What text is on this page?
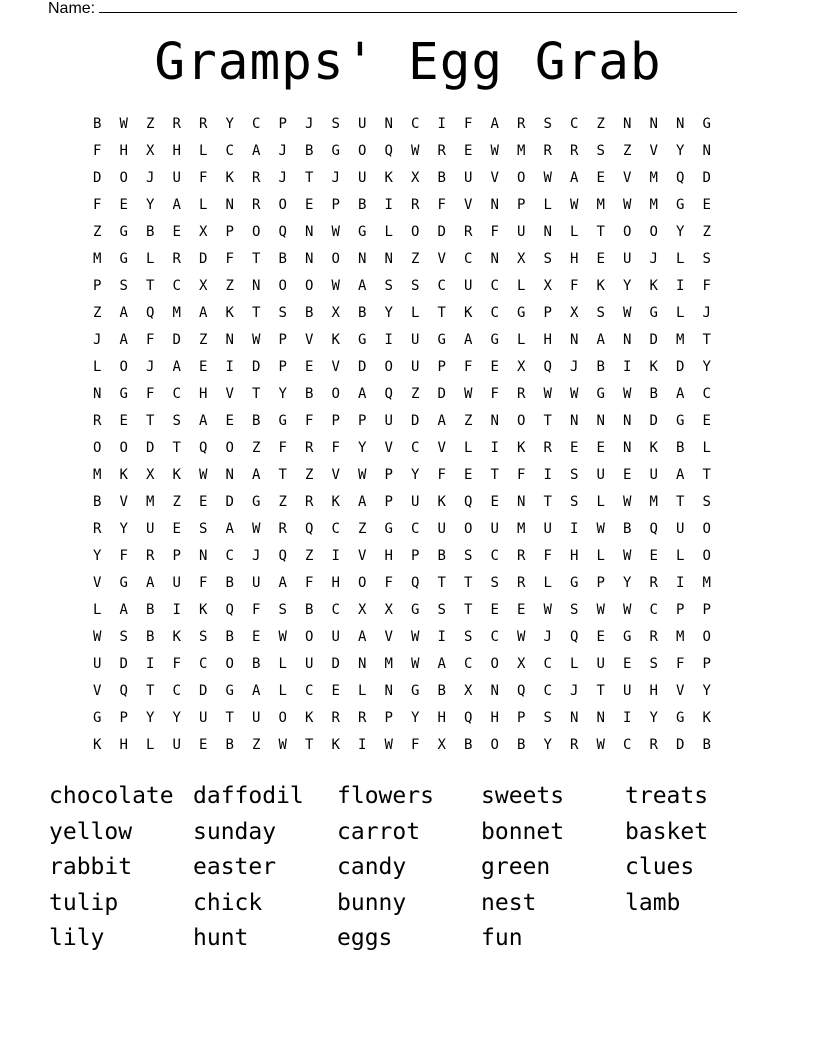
Name:
Gramps' Egg Grab
B	W	Z	R	R	Y	C	P	J	S	U	N	C	I	F	A	R	S	C	Z	N	N	N	G
F	H	X	H	L	C	A	J	B	G	O	Q	W	R	E	W	M	R	R	S	Z	V	Y	N
D	O	J	U	F	K	R	J	T	J	U	K	X	B	U	V	O	W	A	E	V	M	Q	D
F	E	Y	A	L	N	R	O	E	P	B	I	R	F	V	N	P	L	W	M	W	M	G	E
Z	G	B	E	X	P	O	Q	N	W	G	L	O	D	R	F	U	N	L	T	O	O	Y	Z
M	G	L	R	D	F	T	B	N	O	N	N	Z	V	C	N	X	S	H	E	U	J	L	S
P	S	T	C	X	Z	N	O	O	W	A	S	S	C	U	C	L	X	F	K	Y	K	I	F
Z	A	Q	M	A	K	T	S	B	X	B	Y	L	T	K	C	G	P	X	S	W	G	L	J
J	A	F	D	Z	N	W	P	V	K	G	I	U	G	A	G	L	H	N	A	N	D	M	T
L	O	J	A	E	I	D	P	E	V	D	O	U	P	F	E	X	Q	J	B	I	K	D	Y
N	G	F	C	H	V	T	Y	B	O	A	Q	Z	D	W	F	R	W	W	G	W	B	A	C
R	E	T	S	A	E	B	G	F	P	P	U	D	A	Z	N	O	T	N	N	N	D	G	E
O	O	D	T	Q	O	Z	F	R	F	Y	V	C	V	L	I	K	R	E	E	N	K	B	L
M	K	X	K	W	N	A	T	Z	V	W	P	Y	F	E	T	F	I	S	U	E	U	A	T
B	V	M	Z	E	D	G	Z	R	K	A	P	U	K	Q	E	N	T	S	L	W	M	T	S
R	Y	U	E	S	A	W	R	Q	C	Z	G	C	U	O	U	M	U	I	W	B	Q	U	O
Y	F	R	P	N	C	J	Q	Z	I	V	H	P	B	S	C	R	F	H	L	W	E	L	O
V	G	A	U	F	B	U	A	F	H	O	F	Q	T	T	S	R	L	G	P	Y	R	I	M
L	A	B	I	K	Q	F	S	B	C	X	X	G	S	T	E	E	W	S	W	W	C	P	P
W	S	B	K	S	B	E	W	O	U	A	V	W	I	S	C	W	J	Q	E	G	R	M	O
U	D	I	F	C	O	B	L	U	D	N	M	W	A	C	O	X	C	L	U	E	S	F	P
V	Q	T	C	D	G	A	L	C	E	L	N	G	B	X	N	Q	C	J	T	U	H	V	Y
G	P	Y	Y	U	T	U	O	K	R	R	P	Y	H	Q	H	P	S	N	N	I	Y	G	K
K	H	L	U	E	B	Z	W	T	K	I	W	F	X	B	O	B	Y	R	W	C	R	D	B
chocolate daffodil	flowers	sweets	treats
yellow	sunday	carrot	bonnet	basket
rabbit	easter	candy	green	clues
tulip	chick	bunny	nest	lamb
lily	hunt	eggs	fun
